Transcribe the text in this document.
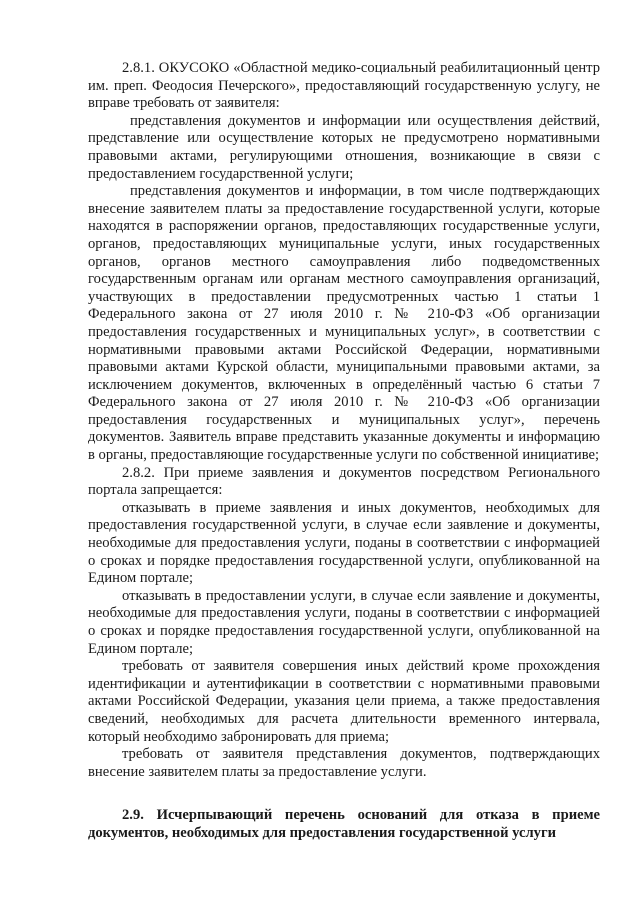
2.8.1. ОКУСОКО «Областной медико-социальный реабилитационный центр им. преп. Феодосия Печерского», предоставляющий государственную услугу, не вправе требовать от заявителя:

представления документов и информации или осуществления действий, представление или осуществление которых не предусмотрено нормативными правовыми актами, регулирующими отношения, возникающие в связи с предоставлением государственной услуги;

представления документов и информации, в том числе подтверждающих внесение заявителем платы за предоставление государственной услуги, которые находятся в распоряжении органов, предоставляющих государственные услуги, органов, предоставляющих муниципальные услуги, иных государственных органов, органов местного самоуправления либо подведомственных государственным органам или органам местного самоуправления организаций, участвующих в предоставлении предусмотренных частью 1 статьи 1 Федерального закона от 27 июля 2010 г. № 210-ФЗ «Об организации предоставления государственных и муниципальных услуг», в соответствии с нормативными правовыми актами Российской Федерации, нормативными правовыми актами Курской области, муниципальными правовыми актами, за исключением документов, включенных в определённый частью 6 статьи 7 Федерального закона от 27 июля 2010 г. № 210-ФЗ «Об организации предоставления государственных и муниципальных услуг», перечень документов. Заявитель вправе представить указанные документы и информацию в органы, предоставляющие государственные услуги по собственной инициативе;

2.8.2. При приеме заявления и документов посредством Регионального портала запрещается:

отказывать в приеме заявления и иных документов, необходимых для предоставления государственной услуги, в случае если заявление и документы, необходимые для предоставления услуги, поданы в соответствии с информацией о сроках и порядке предоставления государственной услуги, опубликованной на Едином портале;

отказывать в предоставлении услуги, в случае если заявление и документы, необходимые для предоставления услуги, поданы в соответствии с информацией о сроках и порядке предоставления государственной услуги, опубликованной на Едином портале;

требовать от заявителя совершения иных действий кроме прохождения идентификации и аутентификации в соответствии с нормативными правовыми актами Российской Федерации, указания цели приема, а также предоставления сведений, необходимых для расчета длительности временного интервала, который необходимо забронировать для приема;

требовать от заявителя представления документов, подтверждающих внесение заявителем платы за предоставление услуги.

2.9. Исчерпывающий перечень оснований для отказа в приеме документов, необходимых для предоставления государственной услуги
